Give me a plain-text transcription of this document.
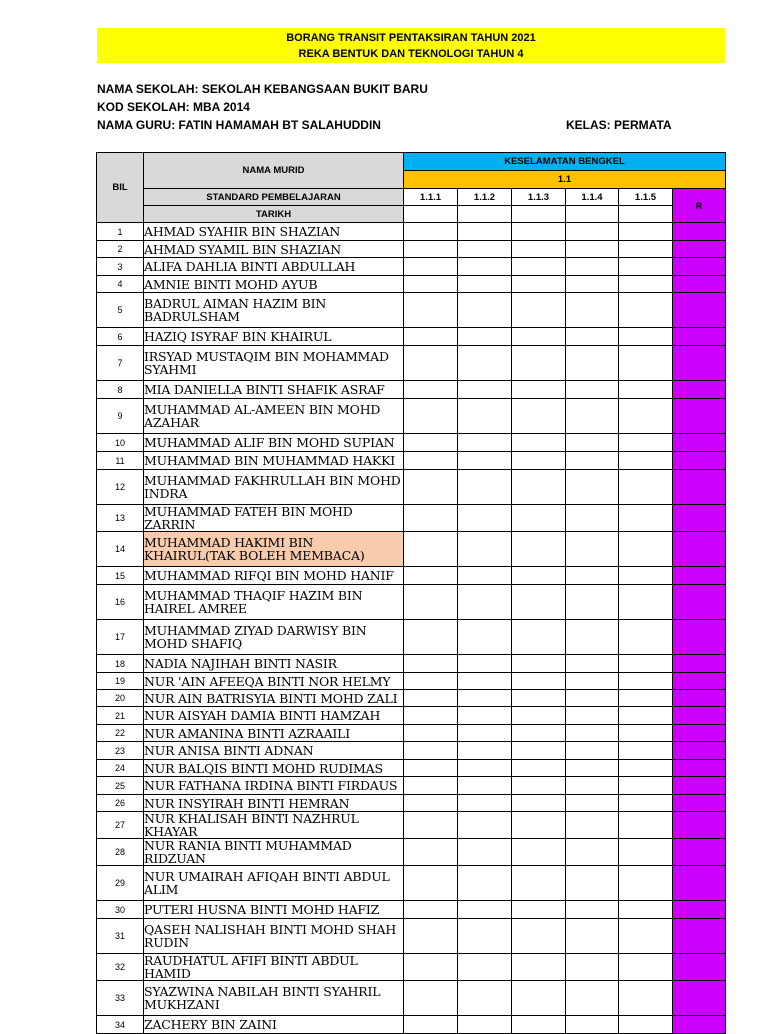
BORANG TRANSIT PENTAKSIRAN TAHUN 2021
REKA BENTUK DAN TEKNOLOGI TAHUN 4
NAMA SEKOLAH: SEKOLAH KEBANGSAAN BUKIT BARU
KOD SEKOLAH: MBA 2014
NAMA GURU: FATIN HAMAMAH BT SALAHUDDIN	KELAS: PERMATA
BIL	NAMA MURID	KESELAMATAN BENGKEL					
		1.1					
	STANDARD PEMBELAJARAN	1.1.1	1.1.2	1.1.3	1.1.4	1.1.5	R
	TARIKH						
1	AHMAD SYAHIR BIN SHAZIAN						
2	AHMAD SYAMIL BIN SHAZIAN						
3	ALIFA DAHLIA BINTI ABDULLAH						
4	AMNIE BINTI MOHD AYUB						
5	BADRUL AIMAN HAZIM BIN BADRULSHAM						
6	HAZIQ ISYRAF BIN KHAIRUL						
7	IRSYAD MUSTAQIM BIN MOHAMMAD SYAHMI						
8	MIA DANIELLA BINTI SHAFIK ASRAF						
9	MUHAMMAD AL-AMEEN BIN MOHD AZAHAR						
10	MUHAMMAD ALIF BIN MOHD SUPIAN						
11	MUHAMMAD BIN MUHAMMAD HAKKI						
12	MUHAMMAD FAKHRULLAH BIN MOHD INDRA						
13	MUHAMMAD FATEH BIN MOHD ZARRIN						
14	MUHAMMAD HAKIMI BIN KHAIRUL(TAK BOLEH MEMBACA)						
15	MUHAMMAD RIFQI BIN MOHD HANIF						
16	MUHAMMAD THAQIF HAZIM BIN HAIREL AMREE						
17	MUHAMMAD ZIYAD DARWISY BIN MOHD SHAFIQ						
18	NADIA NAJIHAH BINTI NASIR						
19	NUR 'AIN AFEEQA BINTI NOR HELMY						
20	NUR AIN BATRISYIA BINTI MOHD ZALI						
21	NUR AISYAH DAMIA BINTI HAMZAH						
22	NUR AMANINA BINTI AZRAAILI						
23	NUR ANISA BINTI ADNAN						
24	NUR BALQIS BINTI MOHD RUDIMAS						
25	NUR FATHANA IRDINA BINTI FIRDAUS						
26	NUR INSYIRAH BINTI HEMRAN						
27	NUR KHALISAH BINTI NAZHRUL KHAYAR						
28	NUR RANIA BINTI MUHAMMAD RIDZUAN						
29	NUR UMAIRAH AFIQAH BINTI ABDUL ALIM						
30	PUTERI HUSNA BINTI MOHD HAFIZ						
31	QASEH NALISHAH BINTI MOHD SHAH RUDIN						
32	RAUDHATUL AFIFI BINTI ABDUL HAMID						
33	SYAZWINA NABILAH BINTI SYAHRIL MUKHZANI						
34	ZACHERY BIN ZAINI						
